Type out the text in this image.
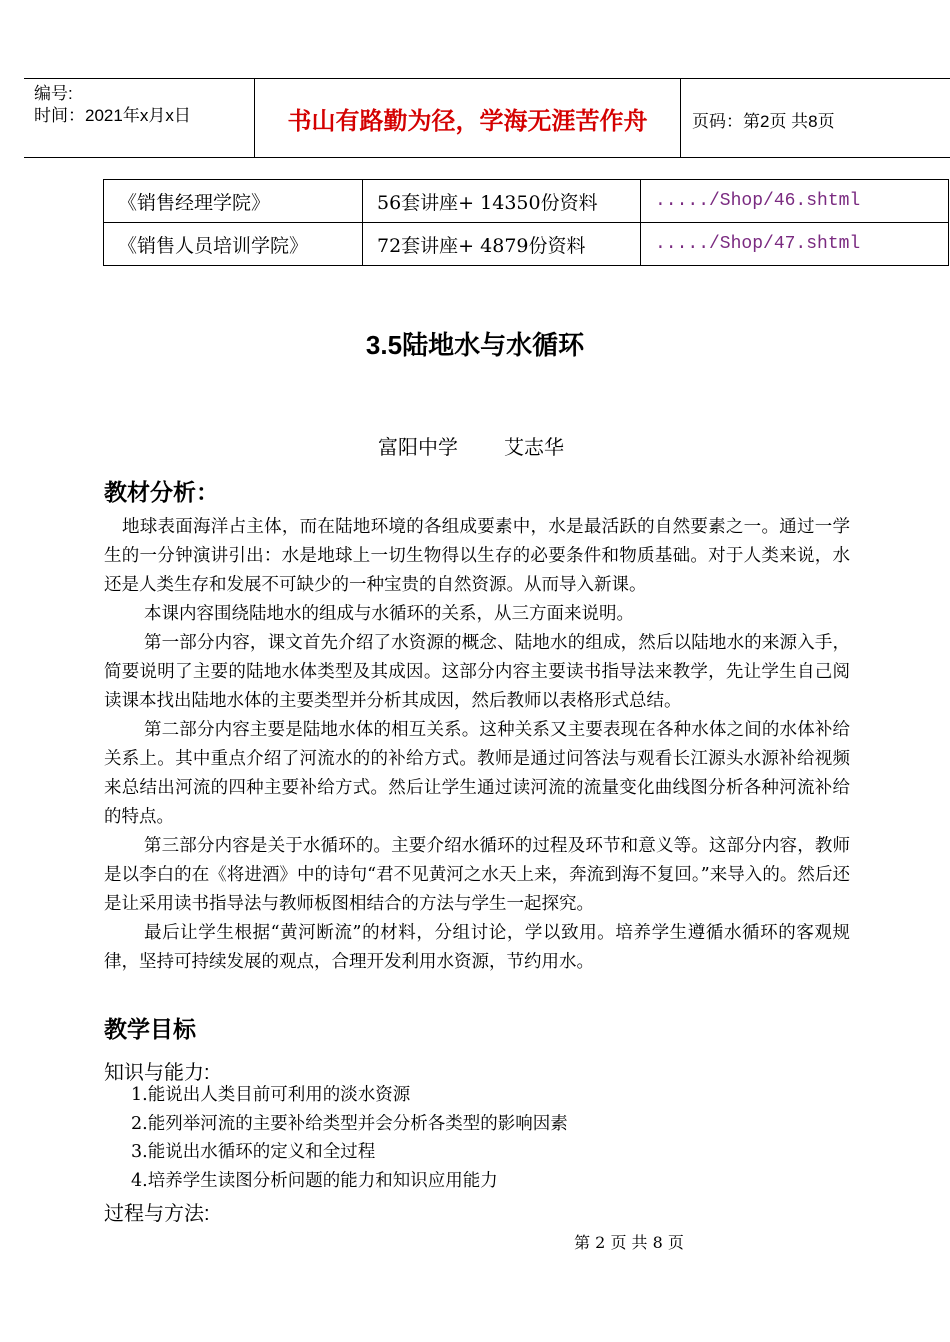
编号:
时间：2021年x月x日	书山有路勤为径，学海无涯苦作舟	页码：第2页 共8页
《销售经理学院》	56套讲座+ 14350份资料	...../Shop/46.shtml
《销售人员培训学院》	72套讲座+ 4879份资料	...../Shop/47.shtml
3.5陆地水与水循环
富阳中学 艾志华
教材分析：

地球表面海洋占主体，而在陆地环境的各组成要素中，水是最活跃的自然要素之一。通过一学生的一分钟演讲引出：水是地球上一切生物得以生存的必要条件和物质基础。对于人类来说，水还是人类生存和发展不可缺少的一种宝贵的自然资源。从而导入新课。

本课内容围绕陆地水的组成与水循环的关系，从三方面来说明。

第一部分内容，课文首先介绍了水资源的概念、陆地水的组成，然后以陆地水的来源入手，简要说明了主要的陆地水体类型及其成因。这部分内容主要读书指导法来教学，先让学生自己阅读课本找出陆地水体的主要类型并分析其成因，然后教师以表格形式总结。

第二部分内容主要是陆地水体的相互关系。这种关系又主要表现在各种水体之间的水体补给关系上。其中重点介绍了河流水的的补给方式。教师是通过问答法与观看长江源头水源补给视频来总结出河流的四种主要补给方式。然后让学生通过读河流的流量变化曲线图分析各种河流补给的特点。

第三部分内容是关于水循环的。主要介绍水循环的过程及环节和意义等。这部分内容，教师是以李白的在《将进酒》中的诗句“君不见黄河之水天上来，奔流到海不复回。”来导入的。然后还是让采用读书指导法与教师板图相结合的方法与学生一起探究。

最后让学生根据“黄河断流”的材料，分组讨论，学以致用。培养学生遵循水循环的客观规律，坚持可持续发展的观点，合理开发利用水资源，节约用水。

教学目标
知识与能力:
1.能说出人类目前可利用的淡水资源
2.能列举河流的主要补给类型并会分析各类型的影响因素
3.能说出水循环的定义和全过程
4.培养学生读图分析问题的能力和知识应用能力
过程与方法:
第 2 页 共 8 页
